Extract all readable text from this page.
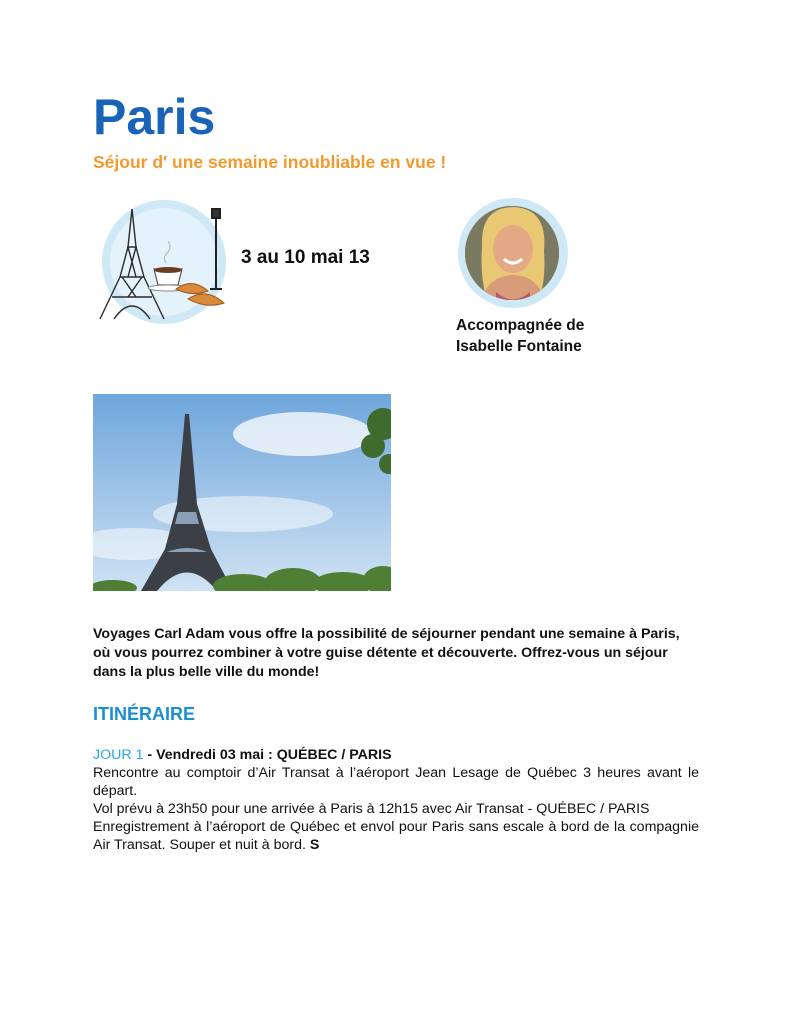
Paris
Séjour d' une semaine inoubliable en vue !
3 au 10 mai 13
Accompagnée de
Isabelle Fontaine
Voyages Carl Adam vous offre la possibilité de séjourner pendant une semaine à Paris, où vous pourrez combiner à votre guise détente et découverte. Offrez-vous un séjour dans la plus belle ville du monde!
ITINÉRAIRE

JOUR 1 - Vendredi 03 mai : QUÉBEC / PARIS

Rencontre au comptoir d’Air Transat à l’aéroport Jean Lesage de Québec 3 heures avant le départ.

Vol prévu à 23h50 pour une arrivée à Paris à 12h15 avec Air Transat - QUÉBEC / PARIS

Enregistrement à l’aéroport de Québec et envol pour Paris sans escale à bord de la compagnie Air Transat. Souper et nuit à bord. S
